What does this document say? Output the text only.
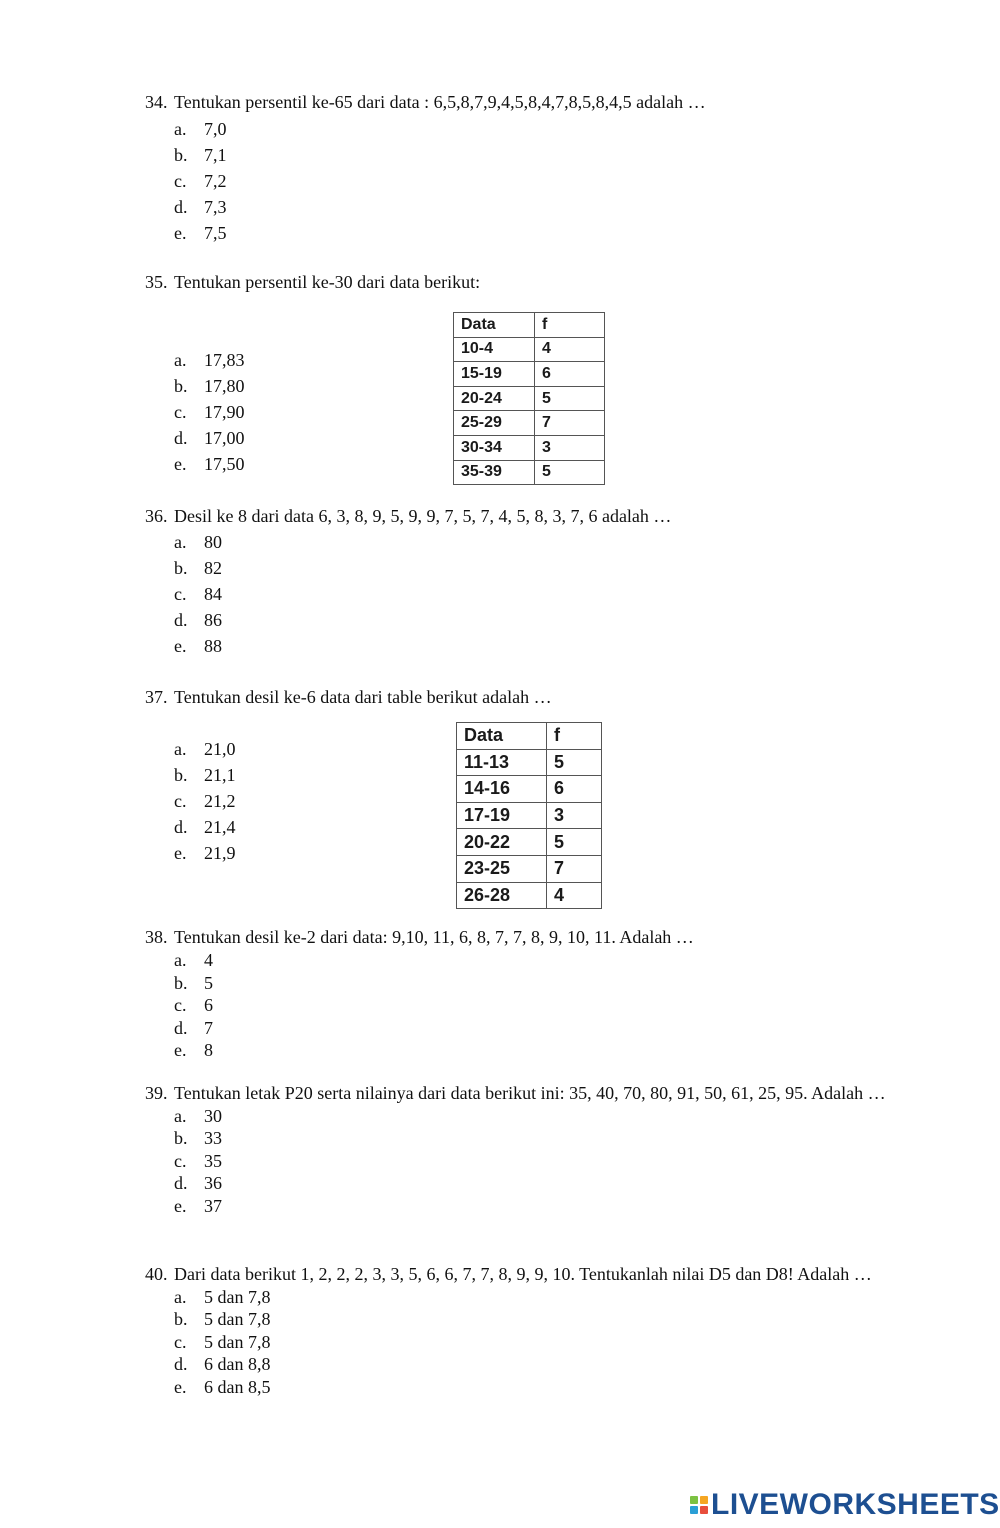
34. Tentukan persentil ke-65 dari data : 6,5,8,7,9,4,5,8,4,7,8,5,8,4,5 adalah …
a. 7,0
b. 7,1
c. 7,2
d. 7,3
e. 7,5
35. Tentukan persentil ke-30 dari data berikut:
a. 17,83
b. 17,80
c. 17,90
d. 17,00
e. 17,50
Data	f
10-4	4
15-19	6
20-24	5
25-29	7
30-34	3
35-39	5
36. Desil ke 8 dari data 6, 3, 8, 9, 5, 9, 9, 7, 5, 7, 4, 5, 8, 3, 7, 6 adalah …
a. 80
b. 82
c. 84
d. 86
e. 88
37. Tentukan desil ke-6 data dari table berikut adalah …
a. 21,0
b. 21,1
c. 21,2
d. 21,4
e. 21,9
Data	f
11-13	5
14-16	6
17-19	3
20-22	5
23-25	7
26-28	4
38. Tentukan desil ke-2 dari data: 9,10, 11, 6, 8, 7, 7, 8, 9, 10, 11. Adalah …
a. 4
b. 5
c. 6
d. 7
e. 8
39. Tentukan letak P20 serta nilainya dari data berikut ini: 35, 40, 70, 80, 91, 50, 61, 25, 95. Adalah …
a. 30
b. 33
c. 35
d. 36
e. 37
40. Dari data berikut 1, 2, 2, 2, 3, 3, 5, 6, 6, 7, 7, 8, 9, 9, 10. Tentukanlah nilai D5 dan D8! Adalah …
a. 5 dan 7,8
b. 5 dan 7,8
c. 5 dan 7,8
d. 6 dan 8,8
e. 6 dan 8,5
LIVEWORKSHEETS
